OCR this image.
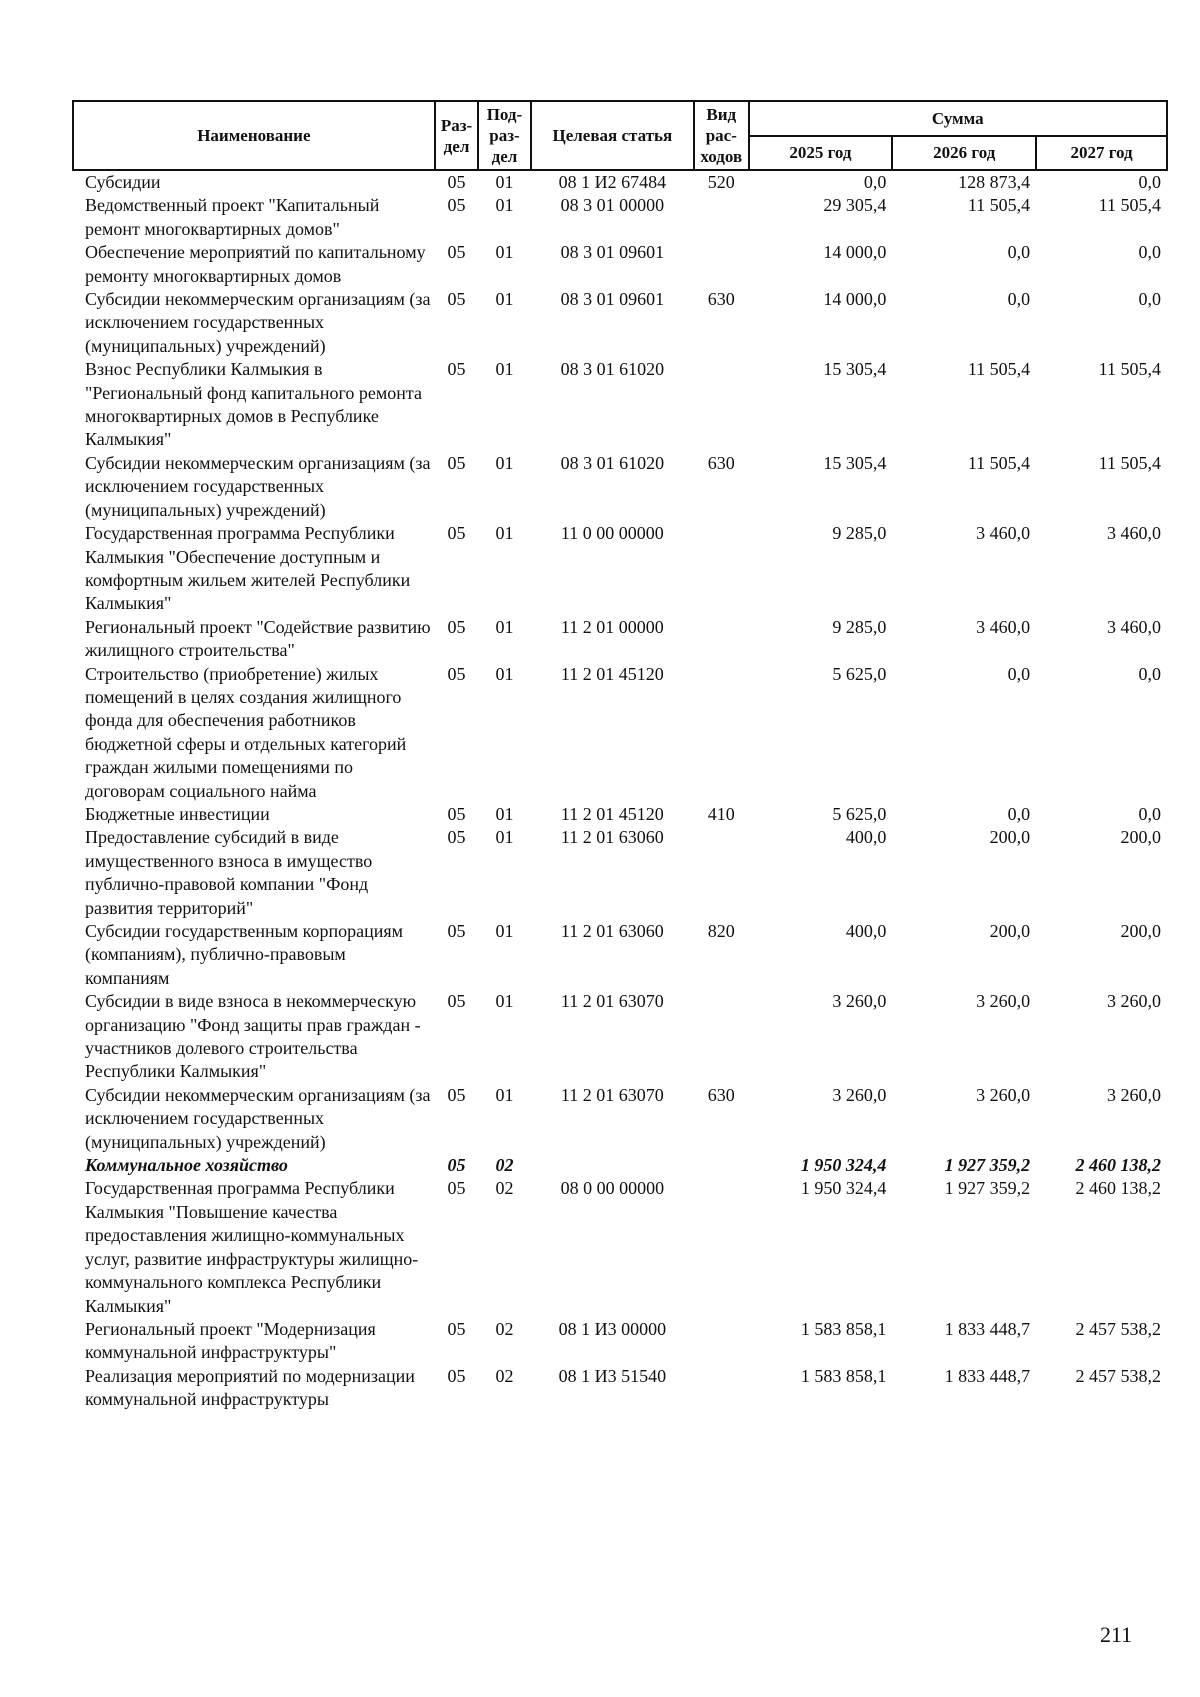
Наименование	Раз-дел	Под-раз-дел	Целевая статья	Вид рас-ходов	Сумма		
					2025 год	2026 год	2027 год
Субсидии	05	01	08 1 И2 67484	520	0,0	128 873,4	0,0
Ведомственный проект "Капитальный ремонт многоквартирных домов"	05	01	08 3 01 00000		29 305,4	11 505,4	11 505,4
Обеспечение мероприятий по капитальному ремонту многоквартирных домов	05	01	08 3 01 09601		14 000,0	0,0	0,0
Субсидии некоммерческим организациям (за исключением государственных (муниципальных) учреждений)	05	01	08 3 01 09601	630	14 000,0	0,0	0,0
Взнос Республики Калмыкия в "Региональный фонд капитального ремонта многоквартирных домов в Республике Калмыкия"	05	01	08 3 01 61020		15 305,4	11 505,4	11 505,4
Субсидии некоммерческим организациям (за исключением государственных (муниципальных) учреждений)	05	01	08 3 01 61020	630	15 305,4	11 505,4	11 505,4
Государственная программа Республики Калмыкия "Обеспечение доступным и комфортным жильем жителей Республики Калмыкия"	05	01	11 0 00 00000		9 285,0	3 460,0	3 460,0
Региональный проект "Содействие развитию жилищного строительства"	05	01	11 2 01 00000		9 285,0	3 460,0	3 460,0
Строительство (приобретение) жилых помещений в целях создания жилищного фонда для обеспечения работников бюджетной сферы и отдельных категорий граждан жилыми помещениями по договорам социального найма	05	01	11 2 01 45120		5 625,0	0,0	0,0
Бюджетные инвестиции	05	01	11 2 01 45120	410	5 625,0	0,0	0,0
Предоставление субсидий в виде имущественного взноса в имущество публично-правовой компании "Фонд развития территорий"	05	01	11 2 01 63060		400,0	200,0	200,0
Субсидии государственным корпорациям (компаниям), публично-правовым компаниям	05	01	11 2 01 63060	820	400,0	200,0	200,0
Субсидии в виде взноса в некоммерческую организацию "Фонд защиты прав граждан - участников долевого строительства Республики Калмыкия"	05	01	11 2 01 63070		3 260,0	3 260,0	3 260,0
Субсидии некоммерческим организациям (за исключением государственных (муниципальных) учреждений)	05	01	11 2 01 63070	630	3 260,0	3 260,0	3 260,0
Коммунальное хозяйство	05	02			1 950 324,4	1 927 359,2	2 460 138,2
Государственная программа Республики Калмыкия "Повышение качества предоставления жилищно-коммунальных услуг, развитие инфраструктуры жилищно-коммунального комплекса Республики Калмыкия"	05	02	08 0 00 00000		1 950 324,4	1 927 359,2	2 460 138,2
Региональный проект "Модернизация коммунальной инфраструктуры"	05	02	08 1 И3 00000		1 583 858,1	1 833 448,7	2 457 538,2
Реализация мероприятий по модернизации коммунальной инфраструктуры	05	02	08 1 И3 51540		1 583 858,1	1 833 448,7	2 457 538,2
211
